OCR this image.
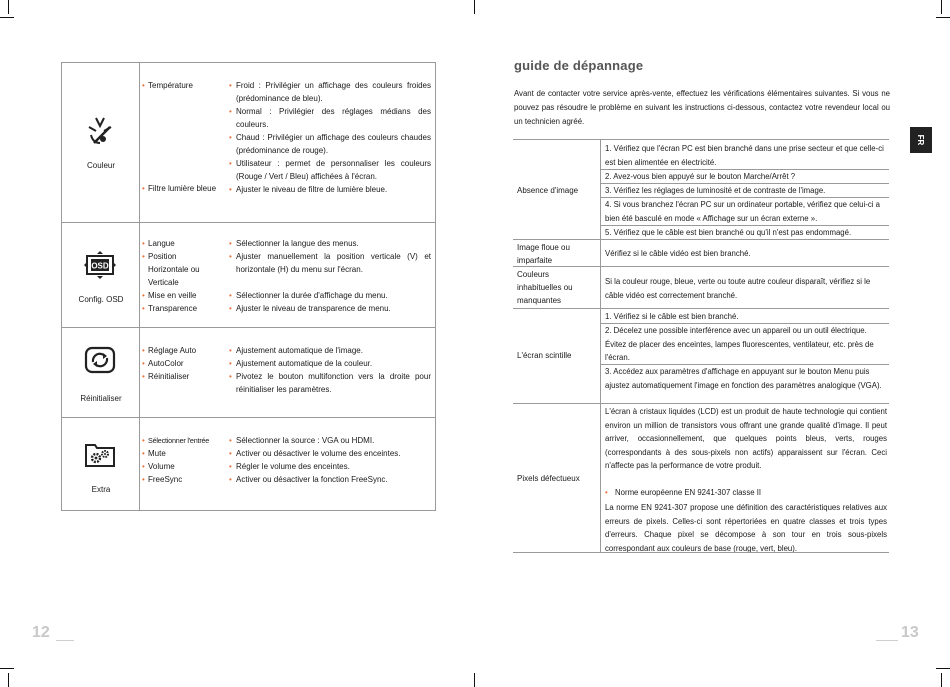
Couleur
• Température
• Filtre lumière bleue
• Froid : Privilégier un affichage des couleurs froides (prédominance de bleu).
• Normal : Privilégier des réglages médians des couleurs.
• Chaud : Privilégier un affichage des couleurs chaudes (prédominance de rouge).
• Utilisateur : permet de personnaliser les couleurs (Rouge / Vert / Bleu) affichées à l'écran.
• Ajuster le niveau de filtre de lumière bleue.
OSD
Config. OSD
• Langue
• Position Horizontale ou Verticale
• Mise en veille
• Transparence
• Sélectionner la langue des menus.
• Ajuster manuellement la position verticale (V) et horizontale (H) du menu sur l'écran.
• Sélectionner la durée d'affichage du menu.
• Ajuster le niveau de transparence de menu.
Réinitialiser
• Réglage Auto
• AutoColor
• Réinitialiser
• Ajustement automatique de l'image.
• Ajustement automatique de la couleur.
• Pivotez le bouton multifonction vers la droite pour réinitialiser les paramètres.
Extra
• Sélectionner l'entrée
• Mute
• Volume
• FreeSync
• Sélectionner la source : VGA ou HDMI.
• Activer ou désactiver le volume des enceintes.
• Régler le volume des enceintes.
• Activer ou désactiver la fonction FreeSync.
12
guide de dépannage
Avant de contacter votre service après-vente, effectuez les vérifications élémentaires suivantes. Si vous ne pouvez pas résoudre le problème en suivant les instructions ci-dessous, contactez votre revendeur local ou un technicien agréé.
Absence d'image
1. Vérifiez que l'écran PC est bien branché dans une prise secteur et que celle-ci est bien alimentée en électricité.
2. Avez-vous bien appuyé sur le bouton Marche/Arrêt ?
3. Vérifiez les réglages de luminosité et de contraste de l'image.
4. Si vous branchez l'écran PC sur un ordinateur portable, vérifiez que celui-ci a bien été basculé en mode « Affichage sur un écran externe ».
5. Vérifiez que le câble est bien branché ou qu'il n'est pas endommagé.
Image floue ou imparfaite
Vérifiez si le câble vidéo est bien branché.
Couleurs inhabituelles ou manquantes
Si la couleur rouge, bleue, verte ou toute autre couleur disparaît, vérifiez si le câble vidéo est correctement branché.
L'écran scintille
1. Vérifiez si le câble est bien branché.
2. Décelez une possible interférence avec un appareil ou un outil électrique. Évitez de placer des enceintes, lampes fluorescentes, ventilateur, etc. près de l'écran.
3. Accédez aux paramètres d'affichage en appuyant sur le bouton Menu puis ajustez automatiquement l'image en fonction des paramètres analogique (VGA).
Pixels défectueux
L'écran à cristaux liquides (LCD) est un produit de haute technologie qui contient environ un million de transistors vous offrant une grande qualité d'image. Il peut arriver, occasionnellement, que quelques points bleus, verts, rouges (correspondants à des sous-pixels non actifs) apparaissent sur l'écran. Ceci n'affecte pas la performance de votre produit.
• Norme européenne EN 9241-307 classe II
La norme EN 9241-307 propose une définition des caractéristiques relatives aux erreurs de pixels. Celles-ci sont répertoriées en quatre classes et trois types d'erreurs. Chaque pixel se décompose à son tour en trois sous-pixels correspondant aux couleurs de base (rouge, vert, bleu).
FR
13
